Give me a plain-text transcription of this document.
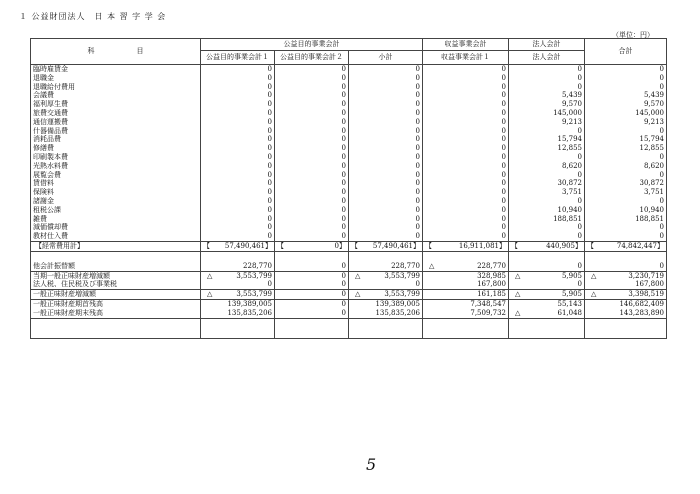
１ 公益財団法人　日 本 習 字 学 会
（単位：円）
科　　　　　　目	公益目的事業会計			収益事業会計	法人会計	合計
	公益目的事業会計１	公益目的事業会計２	小計	収益事業会計１	法人会計	
臨時雇賃金	0	0	0	0	0	0
退職金	0	0	0	0	0	0
退職給付費用	0	0	0	0	0	0
会議費	0	0	0	0	5,439	5,439
福利厚生費	0	0	0	0	9,570	9,570
旅費交通費	0	0	0	0	145,000	145,000
通信運搬費	0	0	0	0	9,213	9,213
什器備品費	0	0	0	0	0	0
消耗品費	0	0	0	0	15,794	15,794
修繕費	0	0	0	0	12,855	12,855
印刷製本費	0	0	0	0	0	0
光熱水料費	0	0	0	0	8,620	8,620
展覧会費	0	0	0	0	0	0
賃借料	0	0	0	0	30,872	30,872
保険料	0	0	0	0	3,751	3,751
諸謝金	0	0	0	0	0	0
租税公課	0	0	0	0	10,940	10,940
雑費	0	0	0	0	188,851	188,851
減価償却費	0	0	0	0	0	0
教材仕入費	0	0	0	0	0	0
【経常費用計】	【 57,490,461】	【 0】	【 57,490,461】	【 16,911,081】	【 440,905】	【 74,842,447】

他会計振替額	228,770	0	228,770	△ 228,770	0	0
当期一般正味財産増減額	△ 3,553,799	0	△ 3,553,799	328,985	△ 5,905	△ 3,230,719
法人税、住民税及び事業税	0	0	0	167,800	0	167,800
一般正味財産増減額	△ 3,553,799	0	△ 3,553,799	161,185	△ 5,905	△ 3,398,519
一般正味財産期首残高	139,389,005	0	139,389,005	7,348,547	55,143	146,682,409
一般正味財産期末残高	135,835,206	0	135,835,206	7,509,732	△ 61,048	143,283,890

5
